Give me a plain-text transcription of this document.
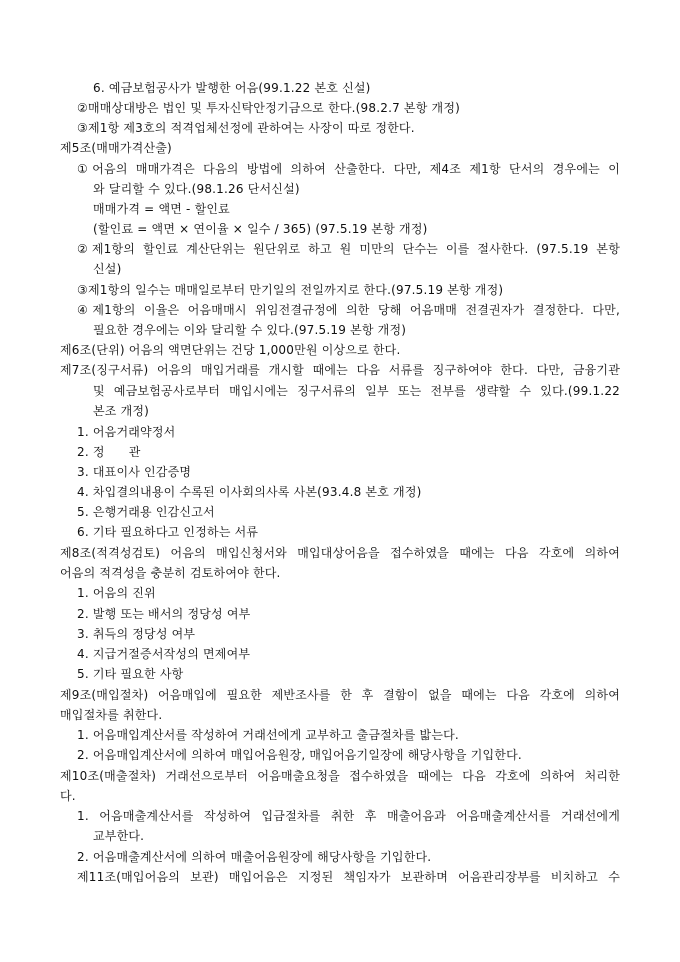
6. 예금보험공사가 발행한 어음(99.1.22 본호 신설)
②매매상대방은 법인 및 투자신탁안정기금으로 한다.(98.2.7 본항 개정)
③제1항 제3호의 적격업체선정에 관하여는 사장이 따로 정한다.
제5조(매매가격산출)
①어음의 매매가격은 다음의 방법에 의하여 산출한다. 다만, 제4조 제1항 단서의 경우에는 이
와 달리할 수 있다.(98.1.26 단서신설)
매매가격 = 액면 - 할인료
(할인료 = 액면 × 연이율 × 일수 / 365) (97.5.19 본항 개정)
②제1항의 할인료 계산단위는 원단위로 하고 원 미만의 단수는 이를 절사한다. (97.5.19 본항
신설)
③제1항의 일수는 매매일로부터 만기일의 전일까지로 한다.(97.5.19 본항 개정)
④제1항의 이율은 어음매매시 위임전결규정에 의한 당해 어음매매 전결권자가 결정한다. 다만,
필요한 경우에는 이와 달리할 수 있다.(97.5.19 본항 개정)
제6조(단위) 어음의 액면단위는 건당 1,000만원 이상으로 한다.
제7조(징구서류) 어음의 매입거래를 개시할 때에는 다음 서류를 징구하여야 한다. 다만, 금융기관
및 예금보험공사로부터 매입시에는 징구서류의 일부 또는 전부를 생략할 수 있다.(99.1.22
본조 개정)
1. 어음거래약정서
2. 정      관
3. 대표이사 인감증명
4. 차입결의내용이 수록된 이사회의사록 사본(93.4.8 본호 개정)
5. 은행거래용 인감신고서
6. 기타 필요하다고 인정하는 서류
제8조(적격성검토) 어음의 매입신청서와 매입대상어음을 접수하였을 때에는 다음 각호에 의하여
어음의 적격성을 충분히 검토하여야 한다.
1. 어음의 진위
2. 발행 또는 배서의 정당성 여부
3. 취득의 정당성 여부
4. 지급거절증서작성의 면제여부
5. 기타 필요한 사항
제9조(매입절차) 어음매입에 필요한 제반조사를 한 후 결함이 없을 때에는 다음 각호에 의하여
매입절차를 취한다.
1. 어음매입계산서를 작성하여 거래선에게 교부하고 출금절차를 밟는다.
2. 어음매입계산서에 의하여 매입어음원장, 매입어음기일장에 해당사항을 기입한다.
제10조(매출절차) 거래선으로부터 어음매출요청을 접수하였을 때에는 다음 각호에 의하여 처리한
다.
1. 어음매출계산서를 작성하여 입금절차를 취한 후 매출어음과 어음매출계산서를 거래선에게
교부한다.
2. 어음매출계산서에 의하여 매출어음원장에 해당사항을 기입한다.
제11조(매입어음의 보관) 매입어음은 지정된 책임자가 보관하며 어음관리장부를 비치하고 수
